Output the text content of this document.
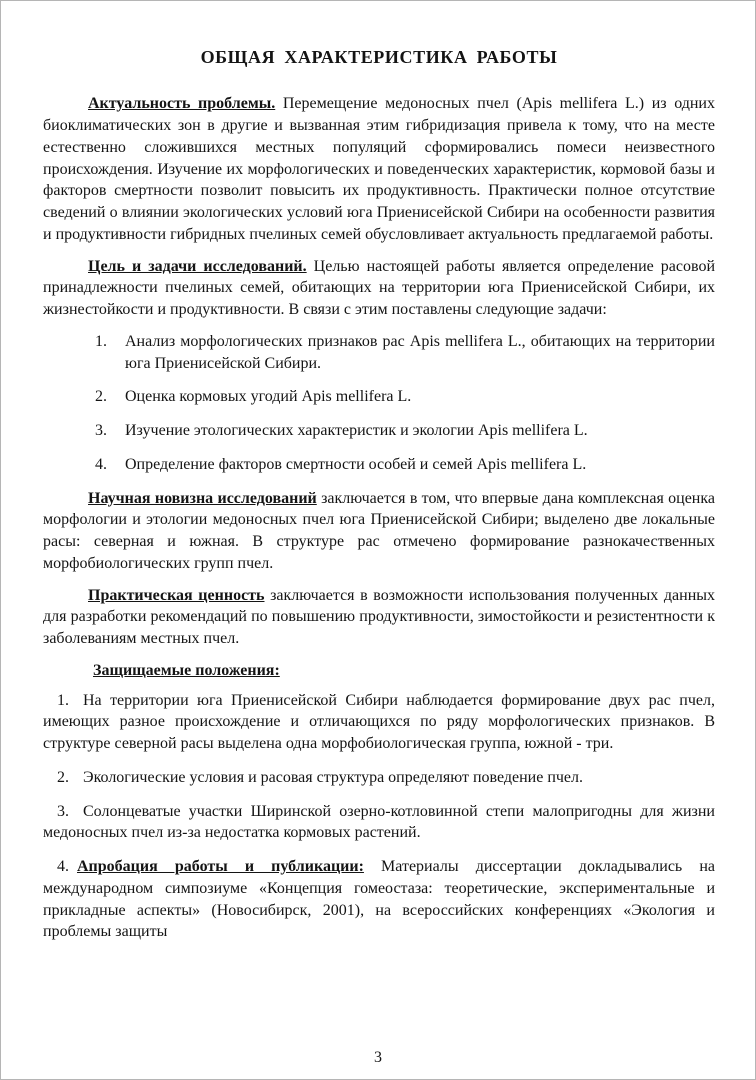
ОБЩАЯ ХАРАКТЕРИСТИКА РАБОТЫ

Актуальность проблемы. Перемещение медоносных пчел (Apis mellifera L.) из одних биоклиматических зон в другие и вызванная этим гибридизация привела к тому, что на месте естественно сложившихся местных популяций сформировались помеси неизвестного происхождения. Изучение их морфологических и поведенческих характеристик, кормовой базы и факторов смертности позволит повысить их продуктивность. Практически полное отсутствие сведений о влиянии экологических условий юга Приенисейской Сибири на особенности развития и продуктивности гибридных пчелиных семей обусловливает актуальность предлагаемой работы.

Цель и задачи исследований. Целью настоящей работы является определение расовой принадлежности пчелиных семей, обитающих на территории юга Приенисейской Сибири, их жизнестойкости и продуктивности. В связи с этим поставлены следующие задачи:

1.	Анализ морфологических признаков рас Apis mellifera L., обитающих на территории юга Приенисейской Сибири.
2.	Оценка кормовых угодий Apis mellifera L.
3.	Изучение этологических характеристик и экологии Apis mellifera L.
4.	Определение факторов смертности особей и семей Apis mellifera L.

Научная новизна исследований заключается в том, что впервые дана комплексная оценка морфологии и этологии медоносных пчел юга Приенисейской Сибири; выделено две локальные расы: северная и южная. В структуре рас отмечено формирование разнокачественных морфобиологических групп пчел.

Практическая ценность заключается в возможности использования полученных данных для разработки рекомендаций по повышению продуктивности, зимостойкости и резистентности к заболеваниям местных пчел.

Защищаемые положения:

1. На территории юга Приенисейской Сибири наблюдается формирование двух рас пчел, имеющих разное происхождение и отличающихся по ряду морфологических признаков. В структуре северной расы выделена одна морфобиологическая группа, южной - три.

2. Экологические условия и расовая структура определяют поведение пчел.

3. Солонцеватые участки Ширинской озерно-котловинной степи малопригодны для жизни медоносных пчел из-за недостатка кормовых растений.

4. Апробация работы и публикации: Материалы диссертации докладывались на международном симпозиуме «Концепция гомеостаза: теоретические, экспериментальные и прикладные аспекты» (Новосибирск, 2001), на всероссийских конференциях «Экология и проблемы защиты

3
